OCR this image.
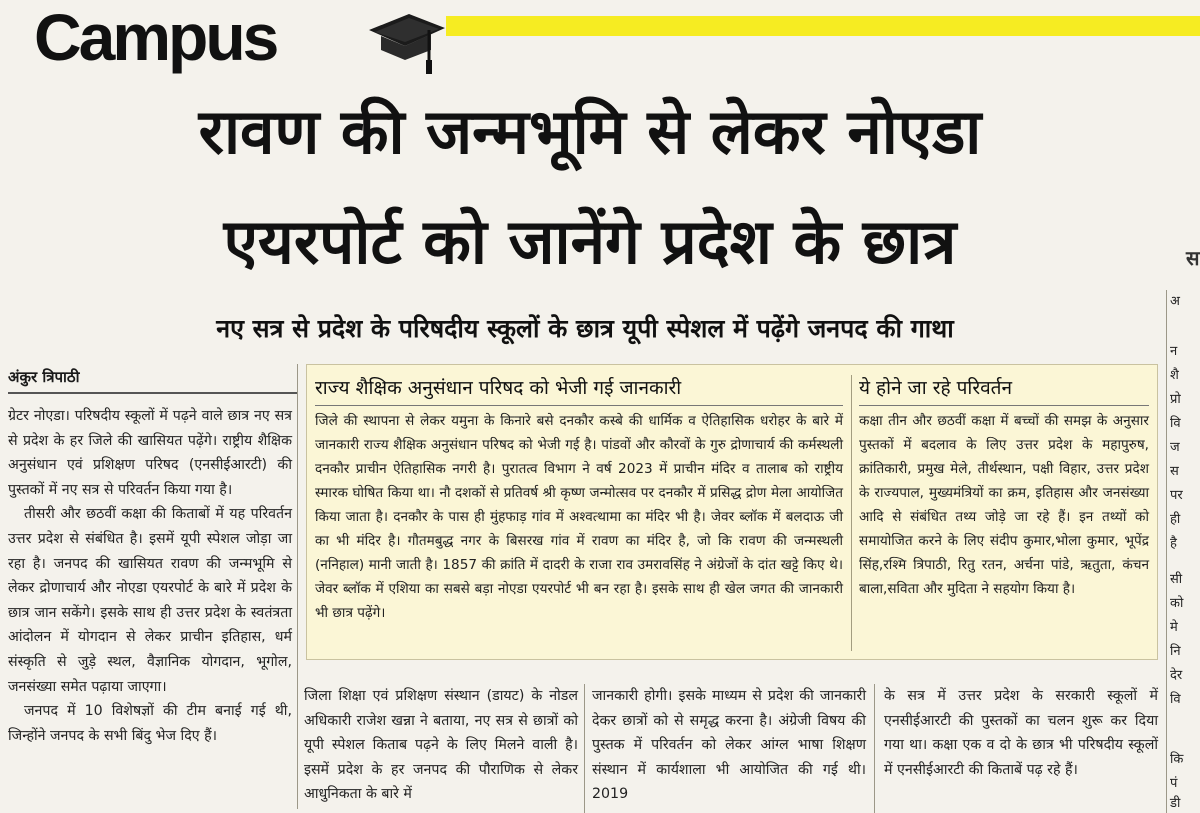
Campus
रावण की जन्मभूमि से लेकर नोएडा
एयरपोर्ट को जानेंगे प्रदेश के छात्र	स
नए सत्र से प्रदेश के परिषदीय स्कूलों के छात्र यूपी स्पेशल में पढ़ेंगे जनपद की गाथा
अंकुर त्रिपाठी

ग्रेटर नोएडा। परिषदीय स्कूलों में पढ़ने वाले छात्र नए सत्र से प्रदेश के हर जिले की खासियत पढ़ेंगे। राष्ट्रीय शैक्षिक अनुसंधान एवं प्रशिक्षण परिषद (एनसीईआरटी) की पुस्तकों में नए सत्र से परिवर्तन किया गया है।

तीसरी और छठवीं कक्षा की किताबों में यह परिवर्तन उत्तर प्रदेश से संबंधित है। इसमें यूपी स्पेशल जोड़ा जा रहा है। जनपद की खासियत रावण की जन्मभूमि से लेकर द्रोणाचार्य और नोएडा एयरपोर्ट के बारे में प्रदेश के छात्र जान सकेंगे। इसके साथ ही उत्तर प्रदेश के स्वतंत्रता आंदोलन में योगदान से लेकर प्राचीन इतिहास, धर्म संस्कृति से जुड़े स्थल, वैज्ञानिक योगदान, भूगोल, जनसंख्या समेत पढ़ाया जाएगा।

जनपद में 10 विशेषज्ञों की टीम बनाई गई थी, जिन्होंने जनपद के सभी बिंदु भेज दिए हैं।

राज्य शैक्षिक अनुसंधान परिषद को भेजी गई जानकारी
जिले की स्थापना से लेकर यमुना के किनारे बसे दनकौर कस्बे की धार्मिक व ऐतिहासिक धरोहर के बारे में जानकारी राज्य शैक्षिक अनुसंधान परिषद को भेजी गई है। पांडवों और कौरवों के गुरु द्रोणाचार्य की कर्मस्थली दनकौर प्राचीन ऐतिहासिक नगरी है। पुरातत्व विभाग ने वर्ष 2023 में प्राचीन मंदिर व तालाब को राष्ट्रीय स्मारक घोषित किया था। नौ दशकों से प्रतिवर्ष श्री कृष्ण जन्मोत्सव पर दनकौर में प्रसिद्ध द्रोण मेला आयोजित किया जाता है। दनकौर के पास ही मुंहफाड़ गांव में अश्वत्थामा का मंदिर भी है। जेवर ब्लॉक में बलदाऊ जी का भी मंदिर है। गौतमबुद्ध नगर के बिसरख गांव में रावण का मंदिर है, जो कि रावण की जन्मस्थली (ननिहाल) मानी जाती है। 1857 की क्रांति में दादरी के राजा राव उमरावसिंह ने अंग्रेजों के दांत खट्टे किए थे। जेवर ब्लॉक में एशिया का सबसे बड़ा नोएडा एयरपोर्ट भी बन रहा है। इसके साथ ही खेल जगत की जानकारी भी छात्र पढ़ेंगे।
ये होने जा रहे परिवर्तन
कक्षा तीन और छठवीं कक्षा में बच्चों की समझ के अनुसार पुस्तकों में बदलाव के लिए उत्तर प्रदेश के महापुरुष, क्रांतिकारी, प्रमुख मेले, तीर्थस्थान, पक्षी विहार, उत्तर प्रदेश के राज्यपाल, मुख्यमंत्रियों का क्रम, इतिहास और जनसंख्या आदि से संबंधित तथ्य जोड़े जा रहे हैं। इन तथ्यों को समायोजित करने के लिए संदीप कुमार,भोला कुमार, भूपेंद्र सिंह,रश्मि त्रिपाठी, रितु रतन, अर्चना पांडे, ऋतुता, कंचन बाला,सविता और मुदिता ने सहयोग किया है।

जिला शिक्षा एवं प्रशिक्षण संस्थान (डायट) के नोडल अधिकारी राजेश खन्ना ने बताया, नए सत्र से छात्रों को यूपी स्पेशल किताब पढ़ने के लिए मिलने वाली है। इसमें प्रदेश के हर जनपद की पौराणिक से लेकर आधुनिकता के बारे में

जानकारी होगी। इसके माध्यम से प्रदेश की जानकारी देकर छात्रों को से समृद्ध करना है। अंग्रेजी विषय की पुस्तक में परिवर्तन को लेकर आंग्ल भाषा शिक्षण संस्थान में कार्यशाला भी आयोजित की गई थी। 2019

के सत्र में उत्तर प्रदेश के सरकारी स्कूलों में एनसीईआरटी की पुस्तकों का चलन शुरू कर दिया गया था। कक्षा एक व दो के छात्र भी परिषदीय स्कूलों में एनसीईआरटी की किताबें पढ़ रहे हैं।

अ
न
शै
प्रो
वि
ज
स
पर
ही
है
सी
को
मे
नि
देर
वि
कि
पं
डी
